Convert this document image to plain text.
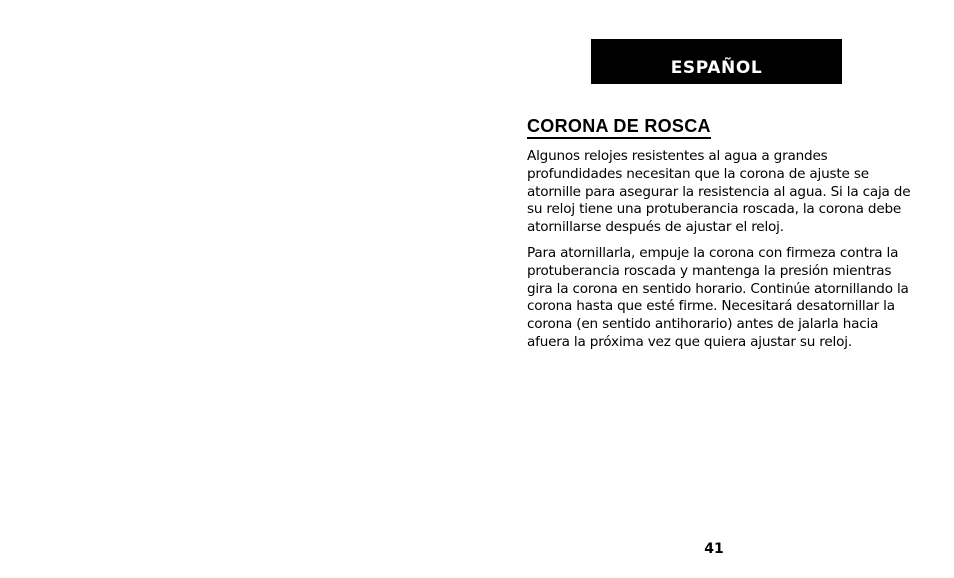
ESPAÑOL
CORONA DE ROSCA

Algunos relojes resistentes al agua a grandes profundidades necesitan que la corona de ajuste se atornille para asegurar la resistencia al agua. Si la caja de su reloj tiene una protuberancia roscada, la corona debe atornillarse después de ajustar el reloj.

Para atornillarla, empuje la corona con firmeza contra la protuberancia roscada y mantenga la presión mientras gira la corona en sentido horario. Continúe atornillando la corona hasta que esté firme. Necesitará desatornillar la corona (en sentido antihorario) antes de jalarla hacia afuera la próxima vez que quiera ajustar su reloj.

41
